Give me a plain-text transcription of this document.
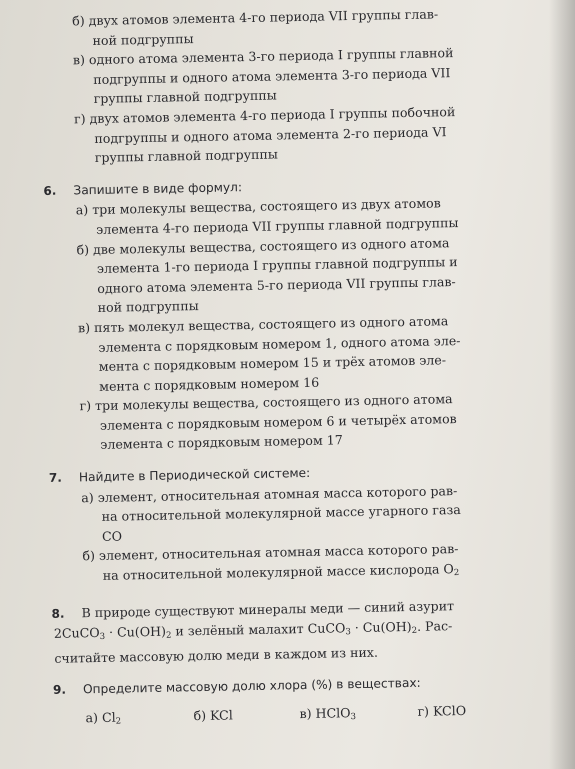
б) двух атомов элемента 4-го периода VII группы глав-
ной подгруппы
в) одного атома элемента 3-го периода I группы главной
подгруппы и одного атома элемента 3-го периода VII
группы главной подгруппы
г) двух атомов элемента 4-го периода I группы побочной
подгруппы и одного атома элемента 2-го периода VI
группы главной подгруппы
6. Запишите в виде формул:
а) три молекулы вещества, состоящего из двух атомов
элемента 4-го периода VII группы главной подгруппы
б) две молекулы вещества, состоящего из одного атома
элемента 1-го периода I группы главной подгруппы и
одного атома элемента 5-го периода VII группы глав-
ной подгруппы
в) пять молекул вещества, состоящего из одного атома
элемента с порядковым номером 1, одного атома эле-
мента с порядковым номером 15 и трёх атомов эле-
мента с порядковым номером 16
г) три молекулы вещества, состоящего из одного атома
элемента с порядковым номером 6 и четырёх атомов
элемента с порядковым номером 17
7. Найдите в Периодической системе:
а) элемент, относительная атомная масса которого рав-
на относительной молекулярной массе угарного газа
CO
б) элемент, относительная атомная масса которого рав-
на относительной молекулярной массе кислорода $O_2$
8. В природе существуют минералы меди — синий азурит
2CuCO$_3$ · $Cu(OH)_2$ и зелёный малахит CuCO$_3$ · $Cu(OH)_2$. Рас-
считайте массовую долю меди в каждом из них.
9. Определите массовую долю хлора (%) в веществах:
а) Cl2	б) KCl	в) HClO3	г) KClO
